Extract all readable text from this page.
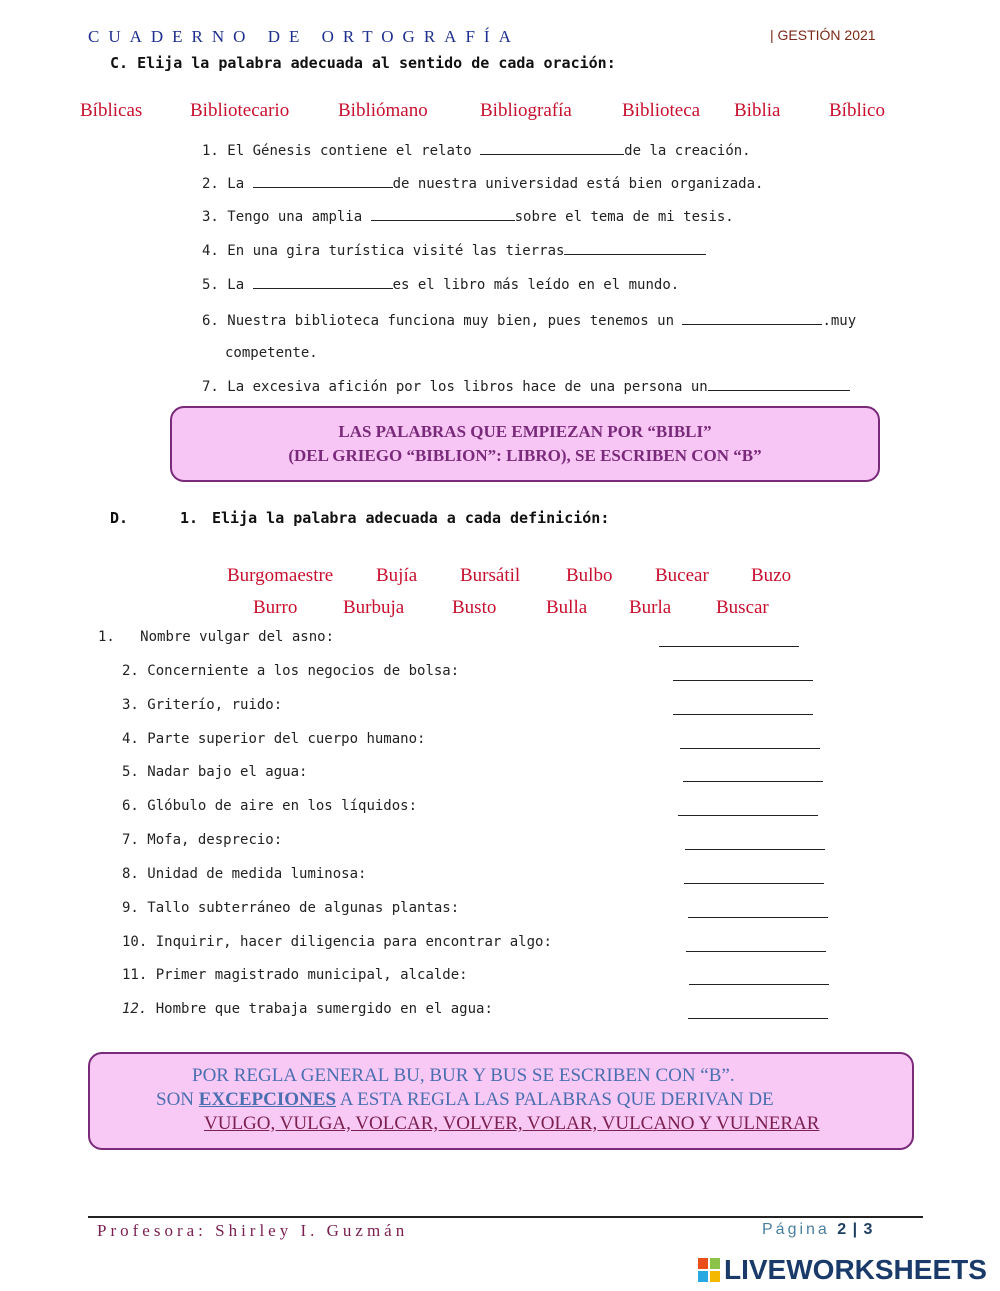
CUADERNO DE ORTOGRAFÍA	| GESTIÓN 2021
C. Elija la palabra adecuada al sentido de cada oración:
Bíblicas	Bibliotecario	Bibliómano	Bibliografía	Biblioteca Biblia	Bíblico
1. El Génesis contiene el relato	de la creación.
2. La	de nuestra universidad está bien organizada.
3. Tengo una amplia	sobre el tema de mi tesis.
4. En una gira turística visité las tierras
5. La	es el libro más leído en el mundo.
6. Nuestra biblioteca funciona muy bien, pues tenemos un	.muy
competente.
7. La excesiva afición por los libros hace de una persona un
LAS PALABRAS QUE EMPIEZAN POR “BIBLI”
(DEL GRIEGO “BIBLION”: LIBRO), SE ESCRIBEN CON “B”
D.	1. Elija la palabra adecuada a cada definición:
Burgomaestre Bujía Bursátil Bulbo Bucear Buzo
Burro Burbuja	Busto	Bulla Burla Buscar
1. Nombre vulgar del asno:
2. Concerniente a los negocios de bolsa:
3. Griterío, ruido:
4. Parte superior del cuerpo humano:
5. Nadar bajo el agua:
6. Glóbulo de aire en los líquidos:
7. Mofa, desprecio:
8. Unidad de medida luminosa:
9. Tallo subterráneo de algunas plantas:
10. Inquirir, hacer diligencia para encontrar algo:
11. Primer magistrado municipal, alcalde:
12. Hombre que trabaja sumergido en el agua:
POR REGLA GENERAL BU, BUR Y BUS SE ESCRIBEN CON “B”.
SON EXCEPCIONES A ESTA REGLA LAS PALABRAS QUE DERIVAN DE
VULGO, VULGA, VOLCAR, VOLVER, VOLAR, VULCANO Y VULNERAR
Profesora: Shirley I. Guzmán	Página 2 | 3
LIVEWORKSHEETS
